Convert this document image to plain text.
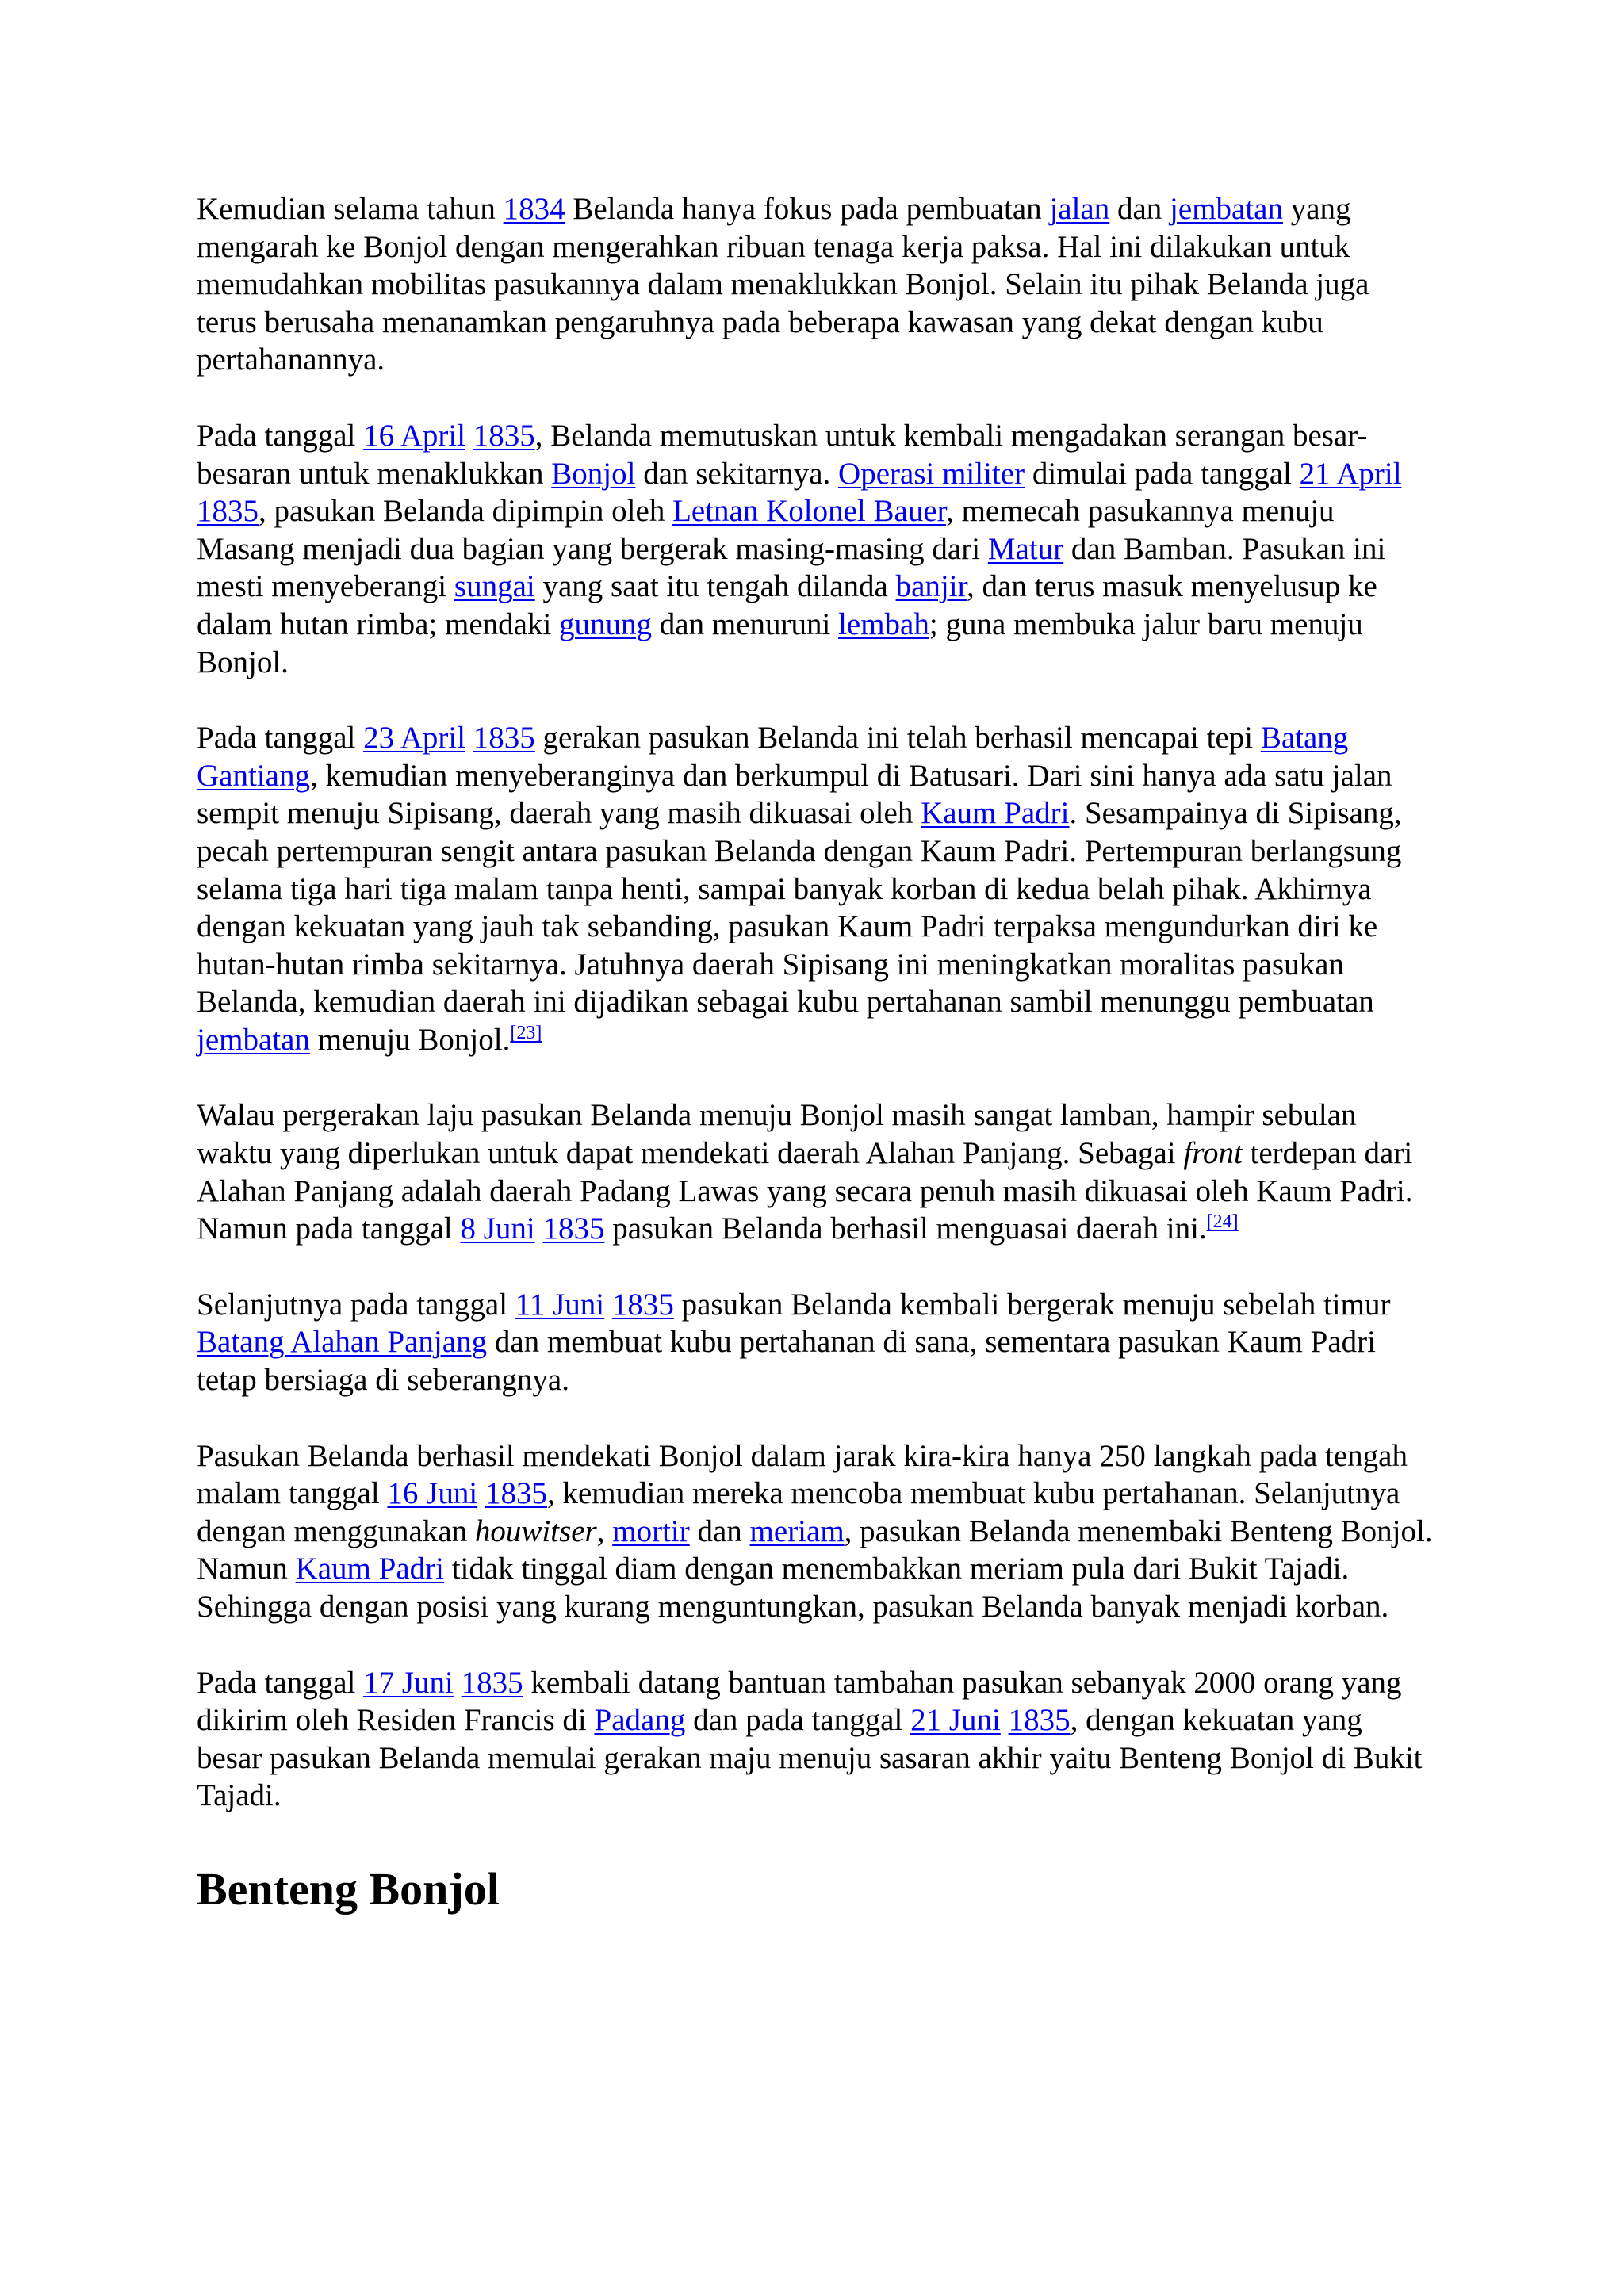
Kemudian selama tahun 1834 Belanda hanya fokus pada pembuatan jalan dan jembatan yang mengarah ke Bonjol dengan mengerahkan ribuan tenaga kerja paksa. Hal ini dilakukan untuk memudahkan mobilitas pasukannya dalam menaklukkan Bonjol. Selain itu pihak Belanda juga terus berusaha menanamkan pengaruhnya pada beberapa kawasan yang dekat dengan kubu pertahanannya.

Pada tanggal 16 April 1835, Belanda memutuskan untuk kembali mengadakan serangan besar-besaran untuk menaklukkan Bonjol dan sekitarnya. Operasi militer dimulai pada tanggal 21 April 1835, pasukan Belanda dipimpin oleh Letnan Kolonel Bauer, memecah pasukannya menuju Masang menjadi dua bagian yang bergerak masing-masing dari Matur dan Bamban. Pasukan ini mesti menyeberangi sungai yang saat itu tengah dilanda banjir, dan terus masuk menyelusup ke dalam hutan rimba; mendaki gunung dan menuruni lembah; guna membuka jalur baru menuju Bonjol.

Pada tanggal 23 April 1835 gerakan pasukan Belanda ini telah berhasil mencapai tepi Batang Gantiang, kemudian menyeberanginya dan berkumpul di Batusari. Dari sini hanya ada satu jalan sempit menuju Sipisang, daerah yang masih dikuasai oleh Kaum Padri. Sesampainya di Sipisang, pecah pertempuran sengit antara pasukan Belanda dengan Kaum Padri. Pertempuran berlangsung selama tiga hari tiga malam tanpa henti, sampai banyak korban di kedua belah pihak. Akhirnya dengan kekuatan yang jauh tak sebanding, pasukan Kaum Padri terpaksa mengundurkan diri ke hutan-hutan rimba sekitarnya. Jatuhnya daerah Sipisang ini meningkatkan moralitas pasukan Belanda, kemudian daerah ini dijadikan sebagai kubu pertahanan sambil menunggu pembuatan jembatan menuju Bonjol.[23]

Walau pergerakan laju pasukan Belanda menuju Bonjol masih sangat lamban, hampir sebulan waktu yang diperlukan untuk dapat mendekati daerah Alahan Panjang. Sebagai front terdepan dari Alahan Panjang adalah daerah Padang Lawas yang secara penuh masih dikuasai oleh Kaum Padri. Namun pada tanggal 8 Juni 1835 pasukan Belanda berhasil menguasai daerah ini.[24]

Selanjutnya pada tanggal 11 Juni 1835 pasukan Belanda kembali bergerak menuju sebelah timur Batang Alahan Panjang dan membuat kubu pertahanan di sana, sementara pasukan Kaum Padri tetap bersiaga di seberangnya.

Pasukan Belanda berhasil mendekati Bonjol dalam jarak kira-kira hanya 250 langkah pada tengah malam tanggal 16 Juni 1835, kemudian mereka mencoba membuat kubu pertahanan. Selanjutnya dengan menggunakan houwitser, mortir dan meriam, pasukan Belanda menembaki Benteng Bonjol. Namun Kaum Padri tidak tinggal diam dengan menembakkan meriam pula dari Bukit Tajadi. Sehingga dengan posisi yang kurang menguntungkan, pasukan Belanda banyak menjadi korban.

Pada tanggal 17 Juni 1835 kembali datang bantuan tambahan pasukan sebanyak 2000 orang yang dikirim oleh Residen Francis di Padang dan pada tanggal 21 Juni 1835, dengan kekuatan yang besar pasukan Belanda memulai gerakan maju menuju sasaran akhir yaitu Benteng Bonjol di Bukit Tajadi.

Benteng Bonjol
